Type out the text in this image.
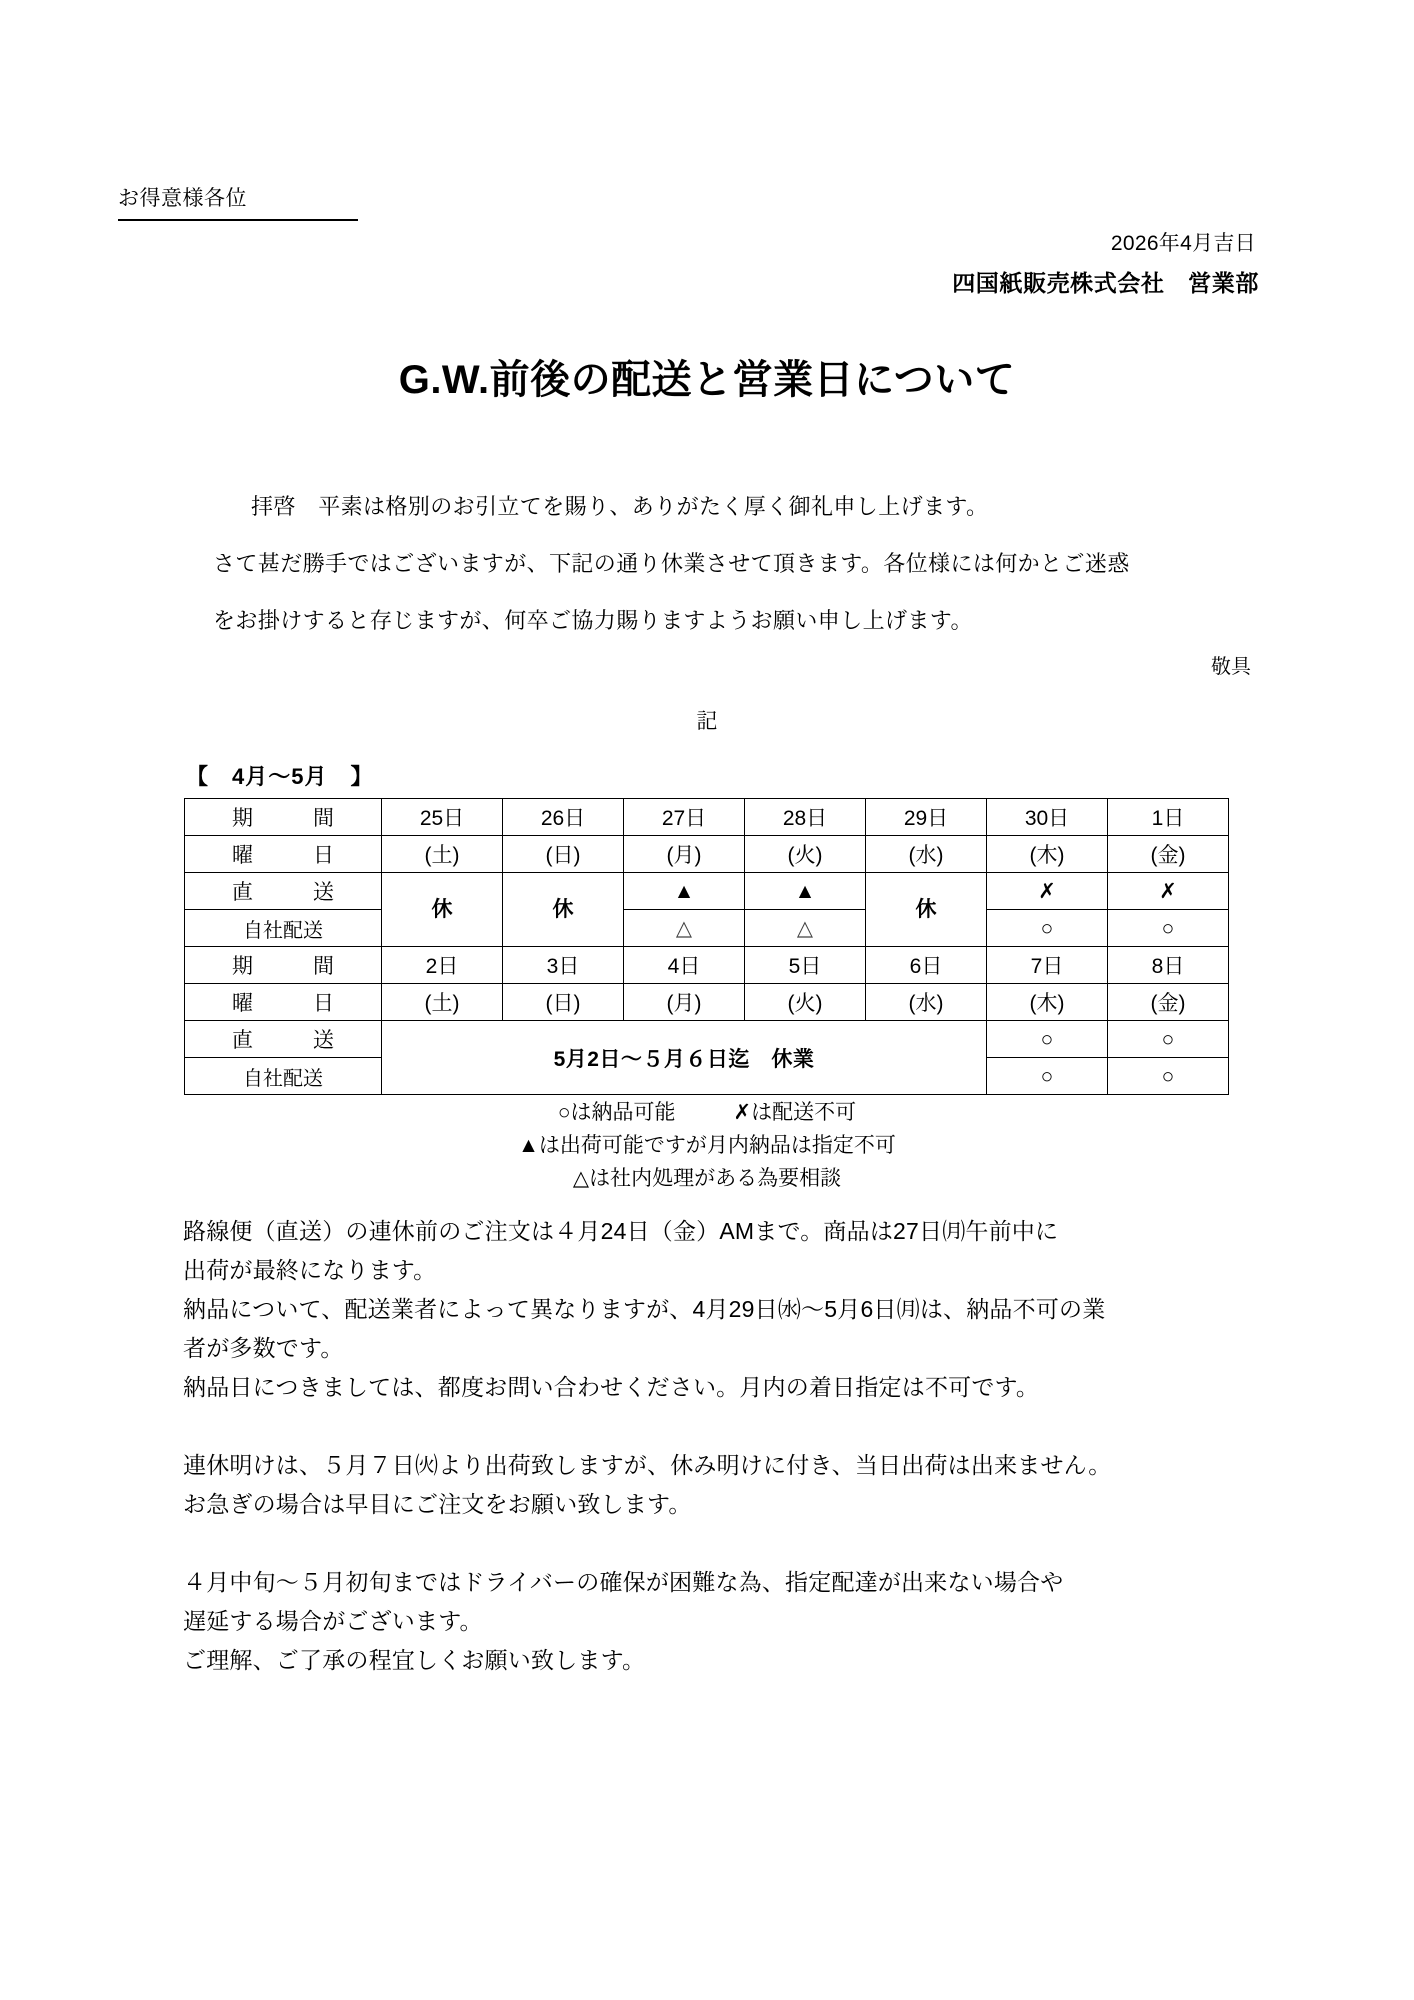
お得意様各位
2026年4月吉日
四国紙販売株式会社　営業部
G.W.前後の配送と営業日について
拝啓　平素は格別のお引立てを賜り、ありがたく厚く御礼申し上げます。
さて甚だ勝手ではございますが、下記の通り休業させて頂きます。各位様には何かとご迷惑
をお掛けすると存じますが、何卒ご協力賜りますようお願い申し上げます。
敬具
記
【　4月～5月　】
期　　間	25日	26日	27日	28日	29日	30日	1日
曜　　日	(土)	(日)	(月)	(火)	(水)	(木)	(金)
直　　送	休	休	▲	▲	休	✗	✗
自社配送			△	△		○	○
期　　間	2日	3日	4日	5日	6日	7日	8日
曜　　日	(土)	(日)	(月)	(火)	(水)	(木)	(金)
直　　送	5月2日～５月６日迄　休業					○	○
自社配送						○	○
○は納品可能	✗は配送不可
▲は出荷可能ですが月内納品は指定不可
△は社内処理がある為要相談

路線便（直送）の連休前のご注文は４月24日（金）AMまで。商品は27日㈪午前中に

出荷が最終になります。

納品について、配送業者によって異なりますが、4月29日㈬～5月6日㈪は、納品不可の業

者が多数です。

納品日につきましては、都度お問い合わせください。月内の着日指定は不可です。

連休明けは、５月７日㈫より出荷致しますが、休み明けに付き、当日出荷は出来ません。

お急ぎの場合は早目にご注文をお願い致します。

４月中旬～５月初旬まではドライバーの確保が困難な為、指定配達が出来ない場合や

遅延する場合がございます。

ご理解、ご了承の程宜しくお願い致します。
